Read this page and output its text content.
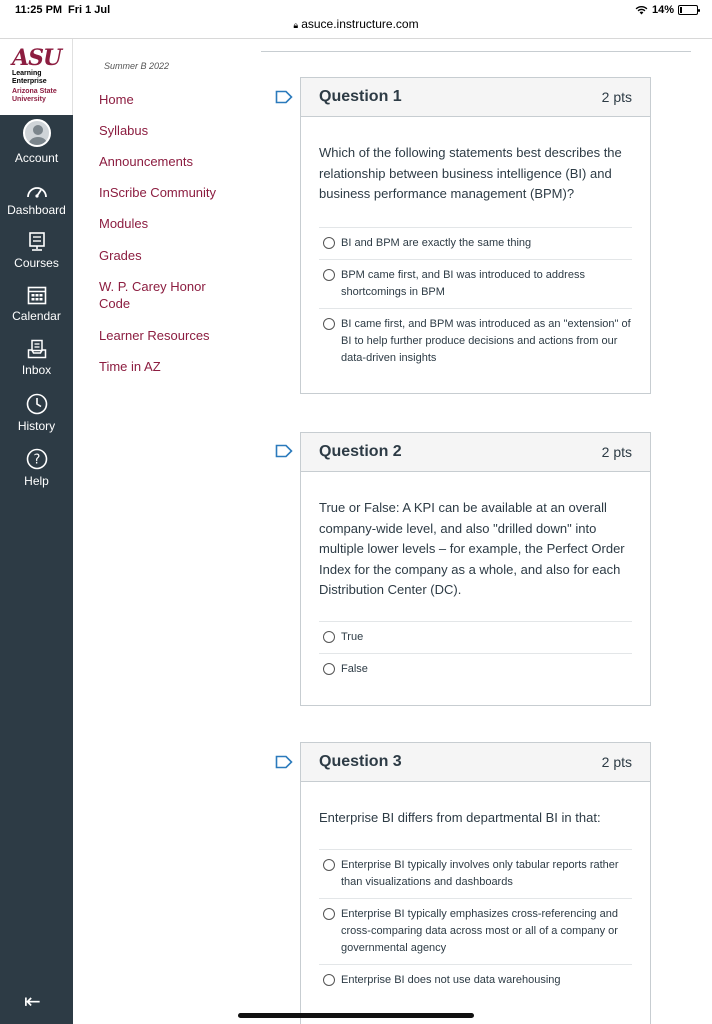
11:25 PM Fri 1 Jul	14%
🔒︎ asuce.instructure.com
ASU
Learning
Enterprise
Arizona State
University
Account
Dashboard
Courses
Calendar
Inbox
History
?
Help
⇤
Summer B 2022
Home
Syllabus
Announcements
InScribe Community
Modules
Grades
W. P. Carey Honor Code
Learner Resources
Time in AZ
Question 1	2 pts
Which of the following statements best describes the relationship between business intelligence (BI) and business performance management (BPM)?
BI and BPM are exactly the same thing
BPM came first, and BI was introduced to address shortcomings in BPM
BI came first, and BPM was introduced as an "extension" of BI to help further produce decisions and actions from our data-driven insights
Question 2	2 pts
True or False: A KPI can be available at an overall company-wide level, and also "drilled down" into multiple lower levels – for example, the Perfect Order Index for the company as a whole, and also for each Distribution Center (DC).
True
False
Question 3	2 pts
Enterprise BI differs from departmental BI in that:
Enterprise BI typically involves only tabular reports rather than visualizations and dashboards
Enterprise BI typically emphasizes cross-referencing and cross-comparing data across most or all of a company or governmental agency
Enterprise BI does not use data warehousing
